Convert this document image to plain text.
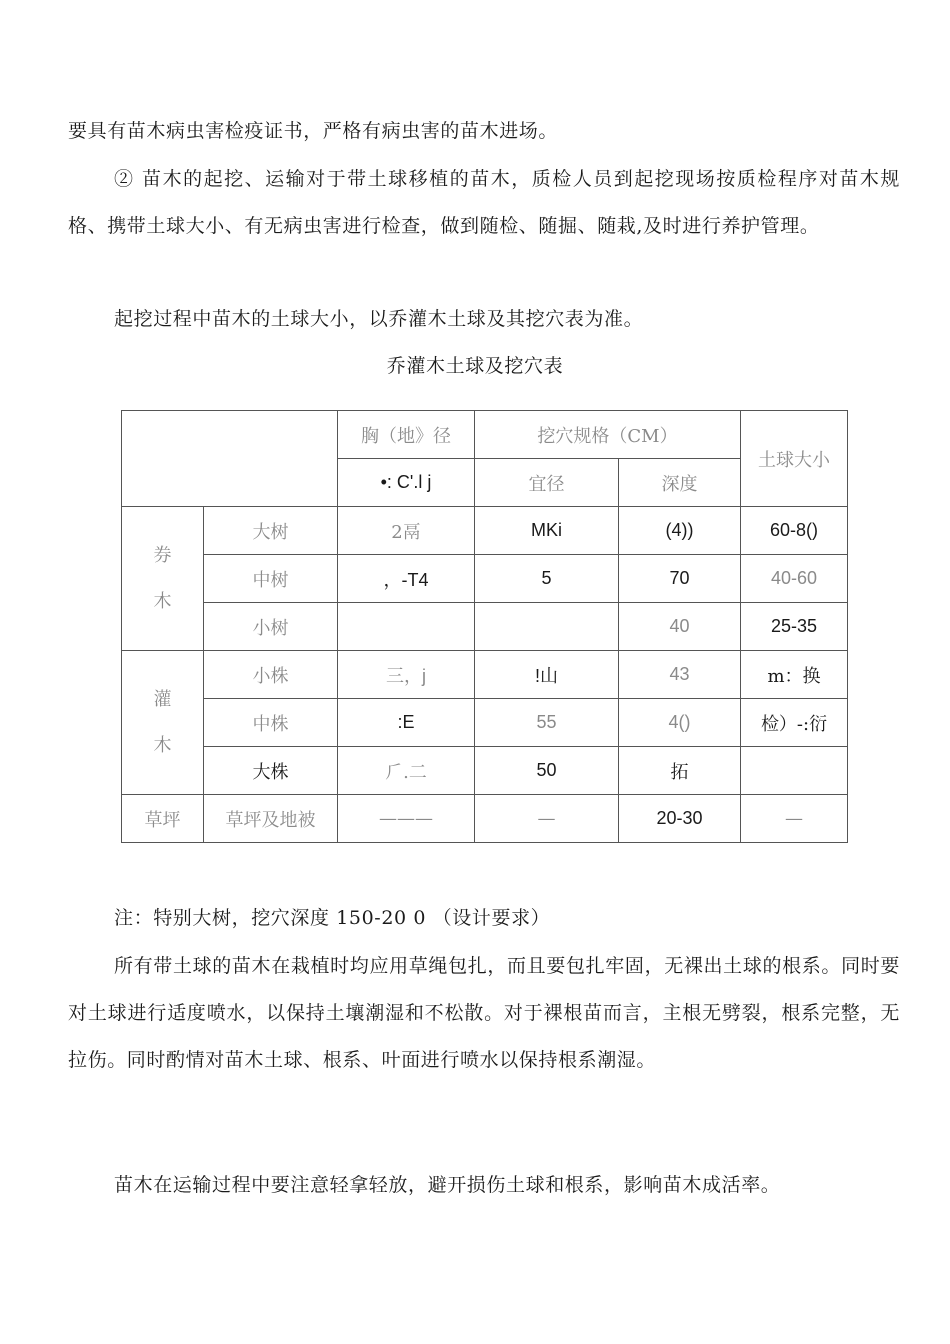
要具有苗木病虫害检疫证书，严格有病虫害的苗木进场。

② 苗木的起挖、运输对于带土球移植的苗木，质检人员到起挖现场按质检程序对苗木规格、携带土球大小、有无病虫害进行检查，做到随检、随掘、随栽,及时进行养护管理。

起挖过程中苗木的土球大小，以乔灌木土球及其挖穴表为准。

乔灌木土球及挖穴表
		胸（地》径	挖穴规格（CM）		土球大小
		•: C'.l j	宜径	深度	

券
木	大树	2鬲	MKi	(4))	60-8()
	中树	，-T4	5	70	40-60
	小树			40	25-35

灌
木	小株	三，j	!山	43	m：换
	中株	:E	55	4()	检）-:衍
	大株	⺁.二	50	拓	
草坪	草坪及地被	———	—	20-30	—

注：特别大树，挖穴深度 150-20 0 （设计要求）

所有带土球的苗木在栽植时均应用草绳包扎，而且要包扎牢固，无裸出土球的根系。同时要对土球进行适度喷水，以保持土壤潮湿和不松散。对于裸根苗而言，主根无劈裂，根系完整，无拉伤。同时酌情对苗木土球、根系、叶面进行喷水以保持根系潮湿。

苗木在运输过程中要注意轻拿轻放，避开损伤土球和根系，影响苗木成活率。
